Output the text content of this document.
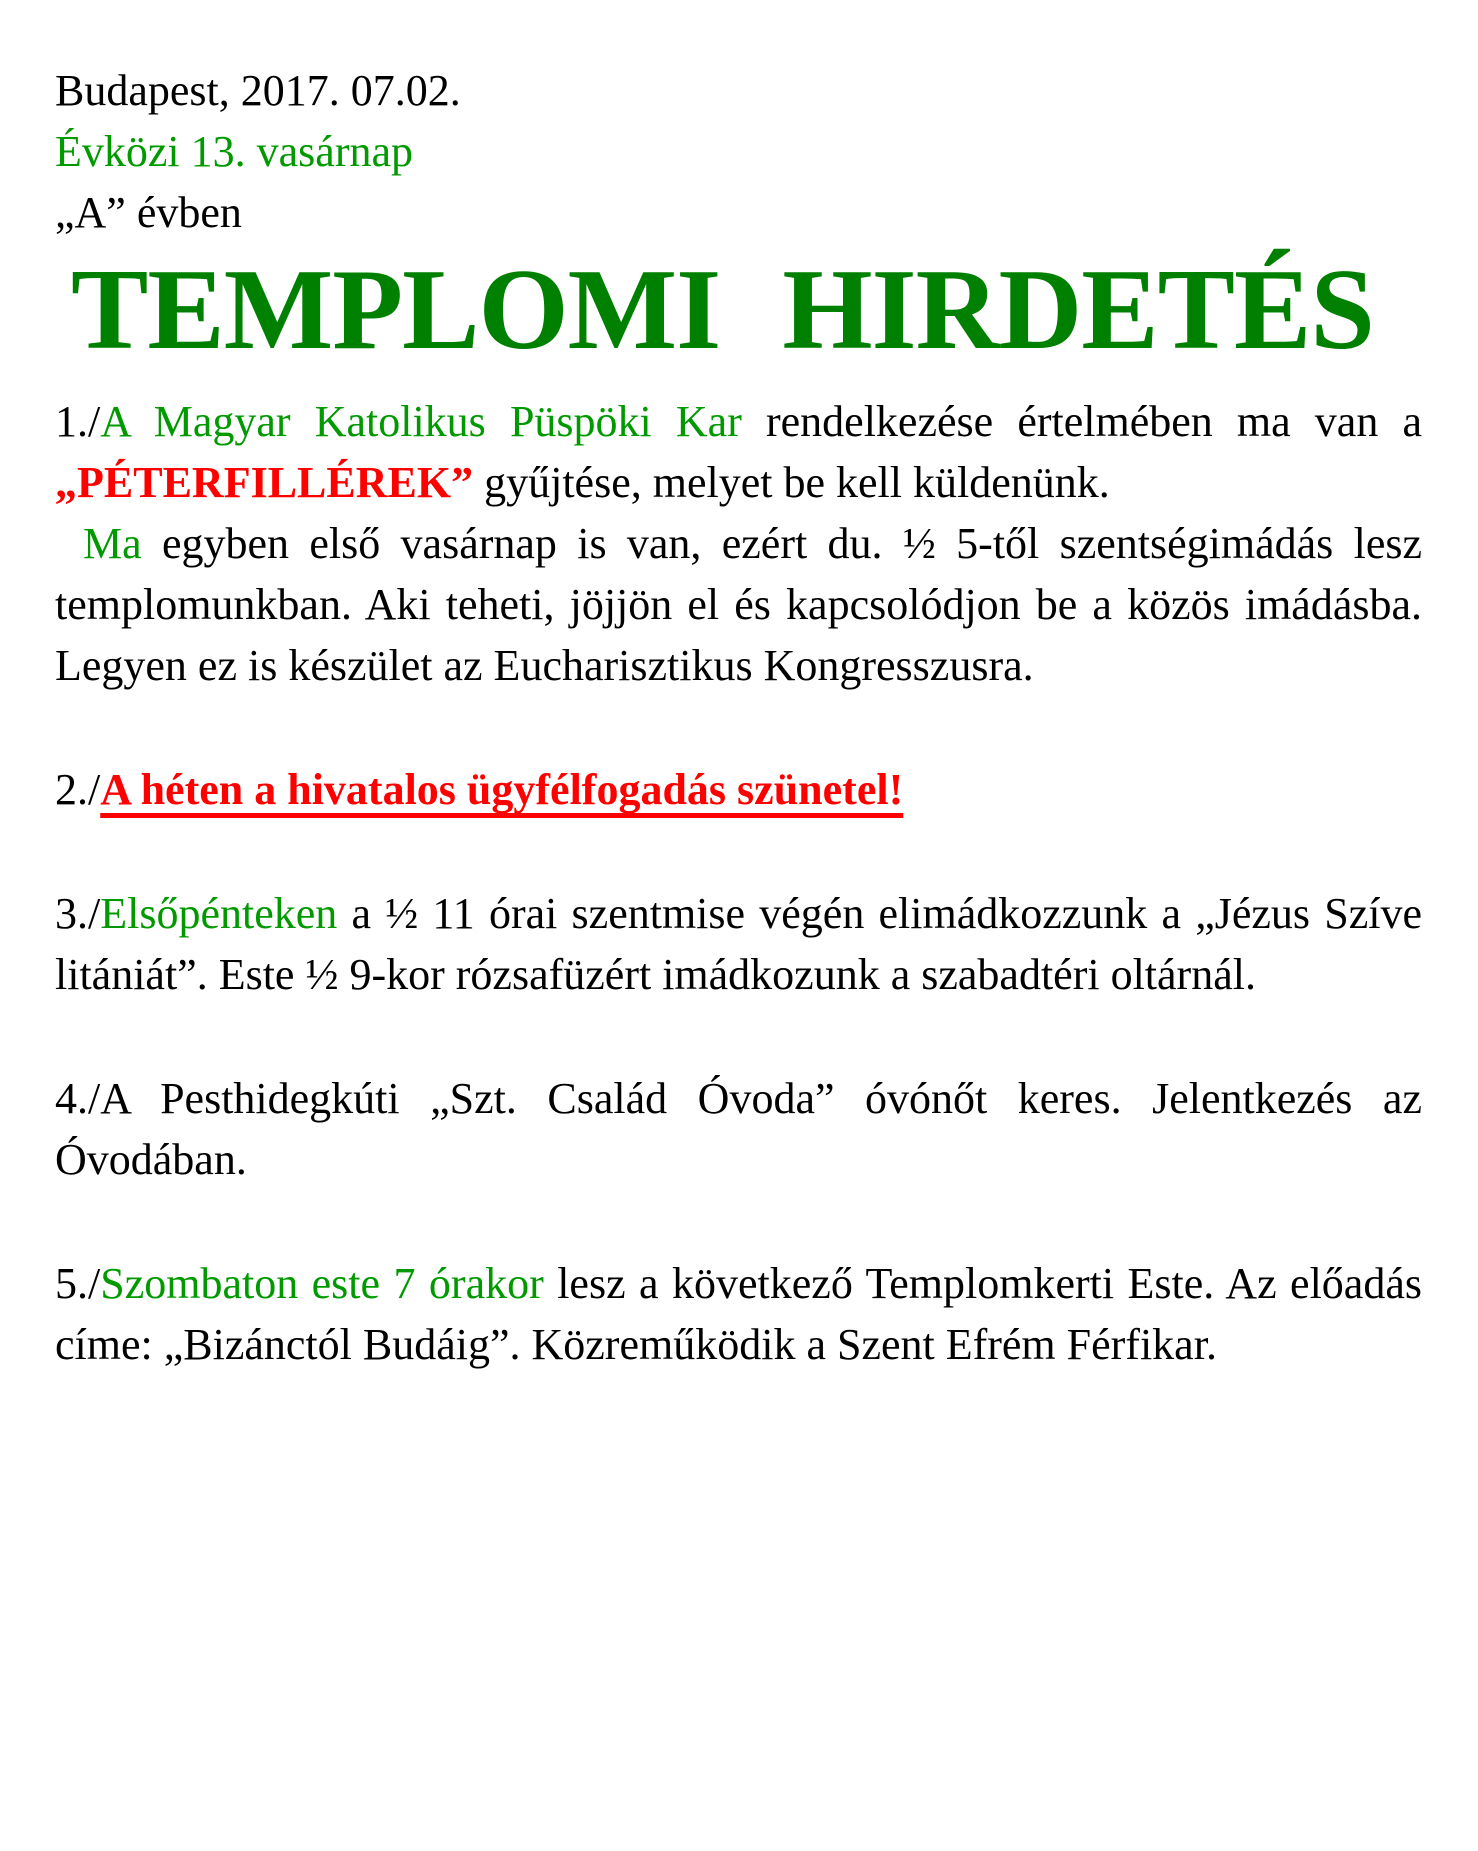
Budapest, 2017. 07.02.
Évközi 13. vasárnap
„A” évben
TEMPLOMI HIRDETÉS
1./A Magyar Katolikus Püspöki Kar rendelkezése értelmében ma van a „PÉTERFILLÉREK” gyűjtése, melyet be kell küldenünk.
Ma egyben első vasárnap is van, ezért du. ½ 5-től szentségimádás lesz templomunkban. Aki teheti, jöjjön el és kapcsolódjon be a közös imádásba. Legyen ez is készület az Eucharisztikus Kongresszusra.
2./A héten a hivatalos ügyfélfogadás szünetel!
3./Elsőpénteken a ½ 11 órai szentmise végén elimádkozzunk a „Jézus Szíve litániát”. Este ½ 9-kor rózsafüzért imádkozunk a szabadtéri oltárnál.
4./A Pesthidegkúti „Szt. Család Óvoda” óvónőt keres. Jelentkezés az Óvodában.
5./Szombaton este 7 órakor lesz a következő Templomkerti Este. Az előadás címe: „Bizánctól Budáig”. Közreműködik a Szent Efrém Férfikar.
